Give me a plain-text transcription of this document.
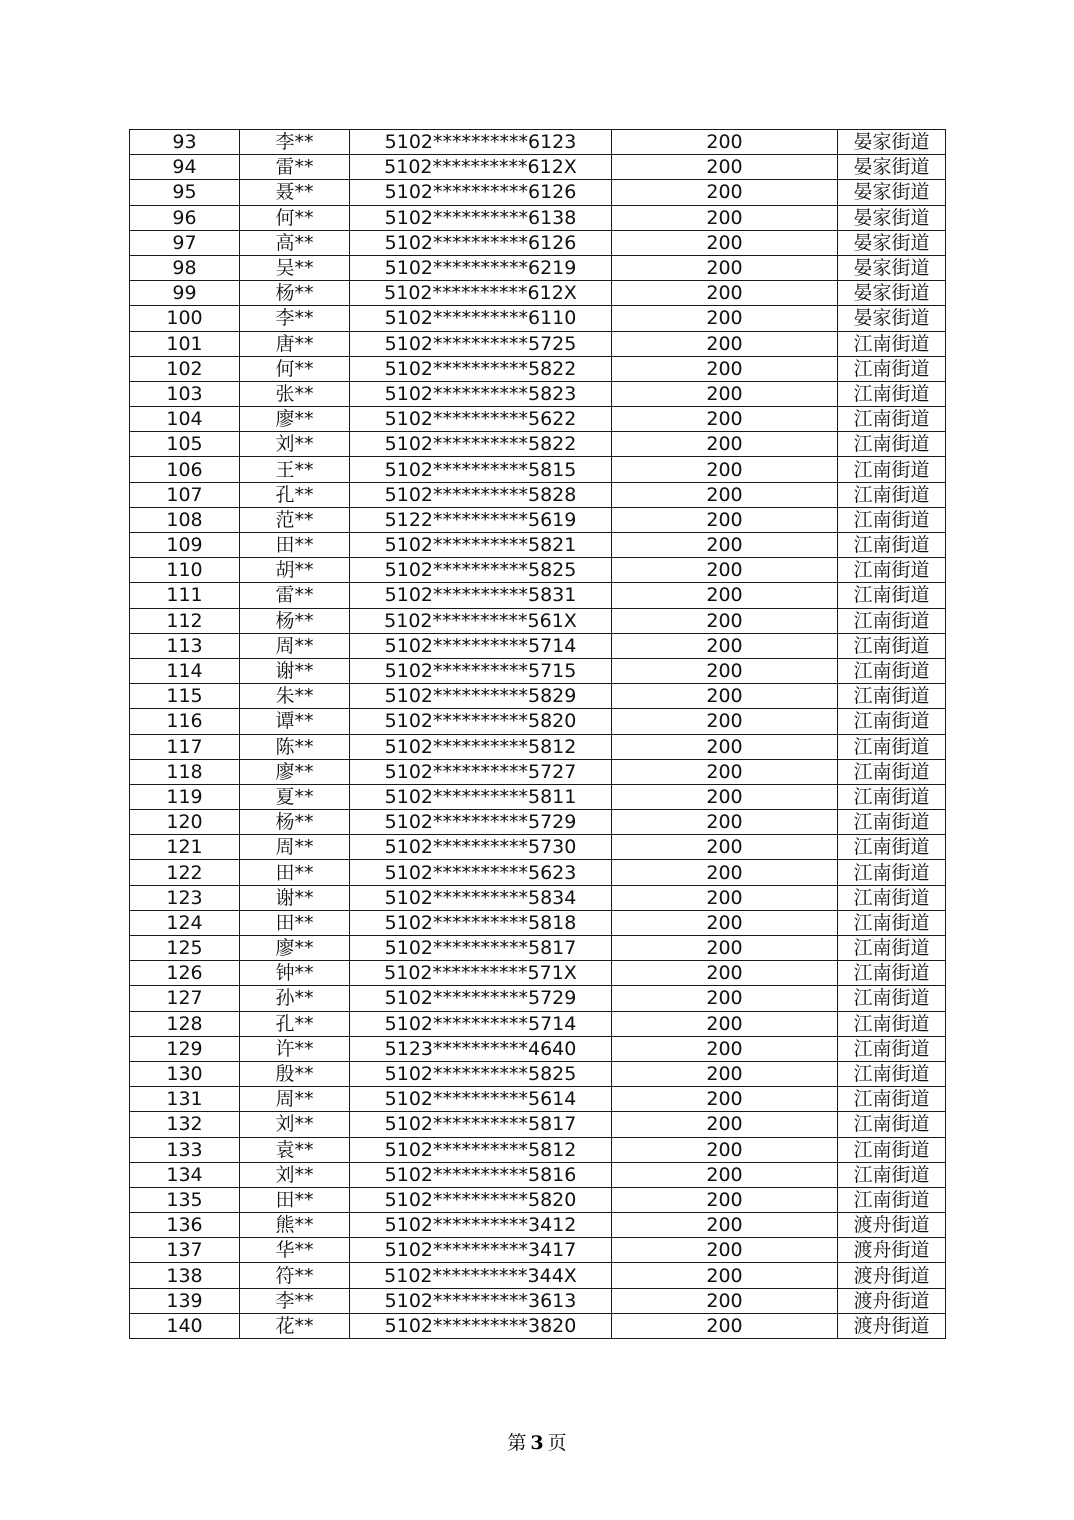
93	李**	5102**********6123	200	晏家街道
94	雷**	5102**********612X	200	晏家街道
95	聂**	5102**********6126	200	晏家街道
96	何**	5102**********6138	200	晏家街道
97	高**	5102**********6126	200	晏家街道
98	吴**	5102**********6219	200	晏家街道
99	杨**	5102**********612X	200	晏家街道
100	李**	5102**********6110	200	晏家街道
101	唐**	5102**********5725	200	江南街道
102	何**	5102**********5822	200	江南街道
103	张**	5102**********5823	200	江南街道
104	廖**	5102**********5622	200	江南街道
105	刘**	5102**********5822	200	江南街道
106	王**	5102**********5815	200	江南街道
107	孔**	5102**********5828	200	江南街道
108	范**	5122**********5619	200	江南街道
109	田**	5102**********5821	200	江南街道
110	胡**	5102**********5825	200	江南街道
111	雷**	5102**********5831	200	江南街道
112	杨**	5102**********561X	200	江南街道
113	周**	5102**********5714	200	江南街道
114	谢**	5102**********5715	200	江南街道
115	朱**	5102**********5829	200	江南街道
116	谭**	5102**********5820	200	江南街道
117	陈**	5102**********5812	200	江南街道
118	廖**	5102**********5727	200	江南街道
119	夏**	5102**********5811	200	江南街道
120	杨**	5102**********5729	200	江南街道
121	周**	5102**********5730	200	江南街道
122	田**	5102**********5623	200	江南街道
123	谢**	5102**********5834	200	江南街道
124	田**	5102**********5818	200	江南街道
125	廖**	5102**********5817	200	江南街道
126	钟**	5102**********571X	200	江南街道
127	孙**	5102**********5729	200	江南街道
128	孔**	5102**********5714	200	江南街道
129	许**	5123**********4640	200	江南街道
130	殷**	5102**********5825	200	江南街道
131	周**	5102**********5614	200	江南街道
132	刘**	5102**********5817	200	江南街道
133	袁**	5102**********5812	200	江南街道
134	刘**	5102**********5816	200	江南街道
135	田**	5102**********5820	200	江南街道
136	熊**	5102**********3412	200	渡舟街道
137	华**	5102**********3417	200	渡舟街道
138	符**	5102**********344X	200	渡舟街道
139	李**	5102**********3613	200	渡舟街道
140	花**	5102**********3820	200	渡舟街道
第 3 页
